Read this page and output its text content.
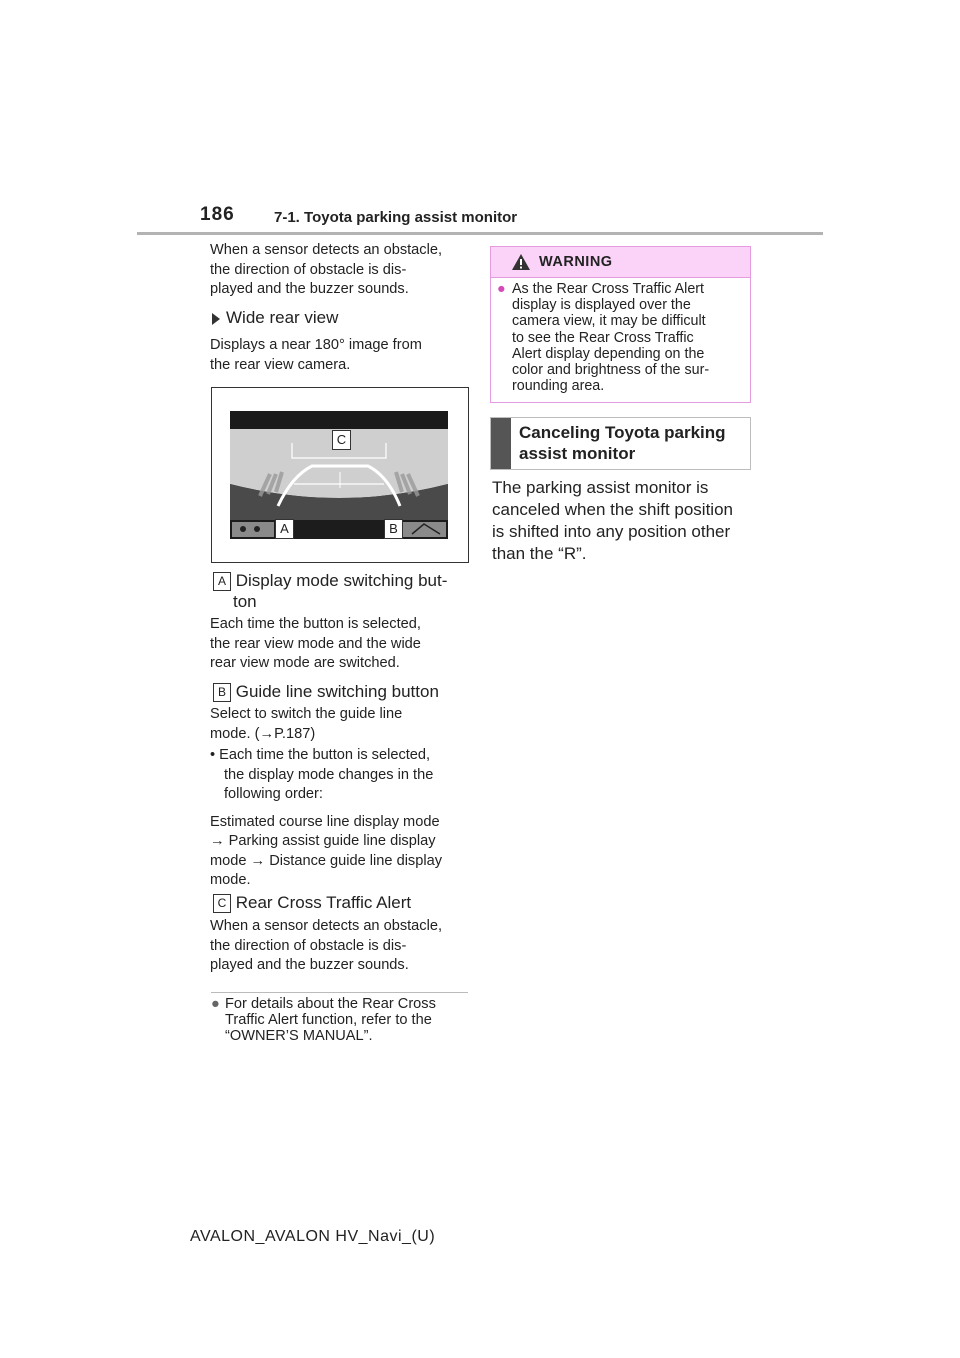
186	7-1. Toyota parking assist monitor
When a sensor detects an obstacle,
the direction of obstacle is dis-
played and the buzzer sounds.
Wide rear view
Displays a near 180° image from
the rear view camera.
C
A	B
A Display mode switching but-
ton
Each time the button is selected,
the rear view mode and the wide
rear view mode are switched.
B Guide line switching button
Select to switch the guide line
mode. (→P.187)
• Each time the button is selected,
the display mode changes in the
following order:
Estimated course line display mode
→ Parking assist guide line display
mode → Distance guide line display
mode.
C Rear Cross Traffic Alert
When a sensor detects an obstacle,
the direction of obstacle is dis-
played and the buzzer sounds.
● For details about the Rear Cross
Traffic Alert function, refer to the
“OWNER’S MANUAL”.
WARNING
● As the Rear Cross Traffic Alert
display is displayed over the
camera view, it may be difficult
to see the Rear Cross Traffic
Alert display depending on the
color and brightness of the sur-
rounding area.
Canceling Toyota parking
assist monitor
The parking assist monitor is
canceled when the shift position
is shifted into any position other
than the “R”.
AVALON_AVALON HV_Navi_(U)
